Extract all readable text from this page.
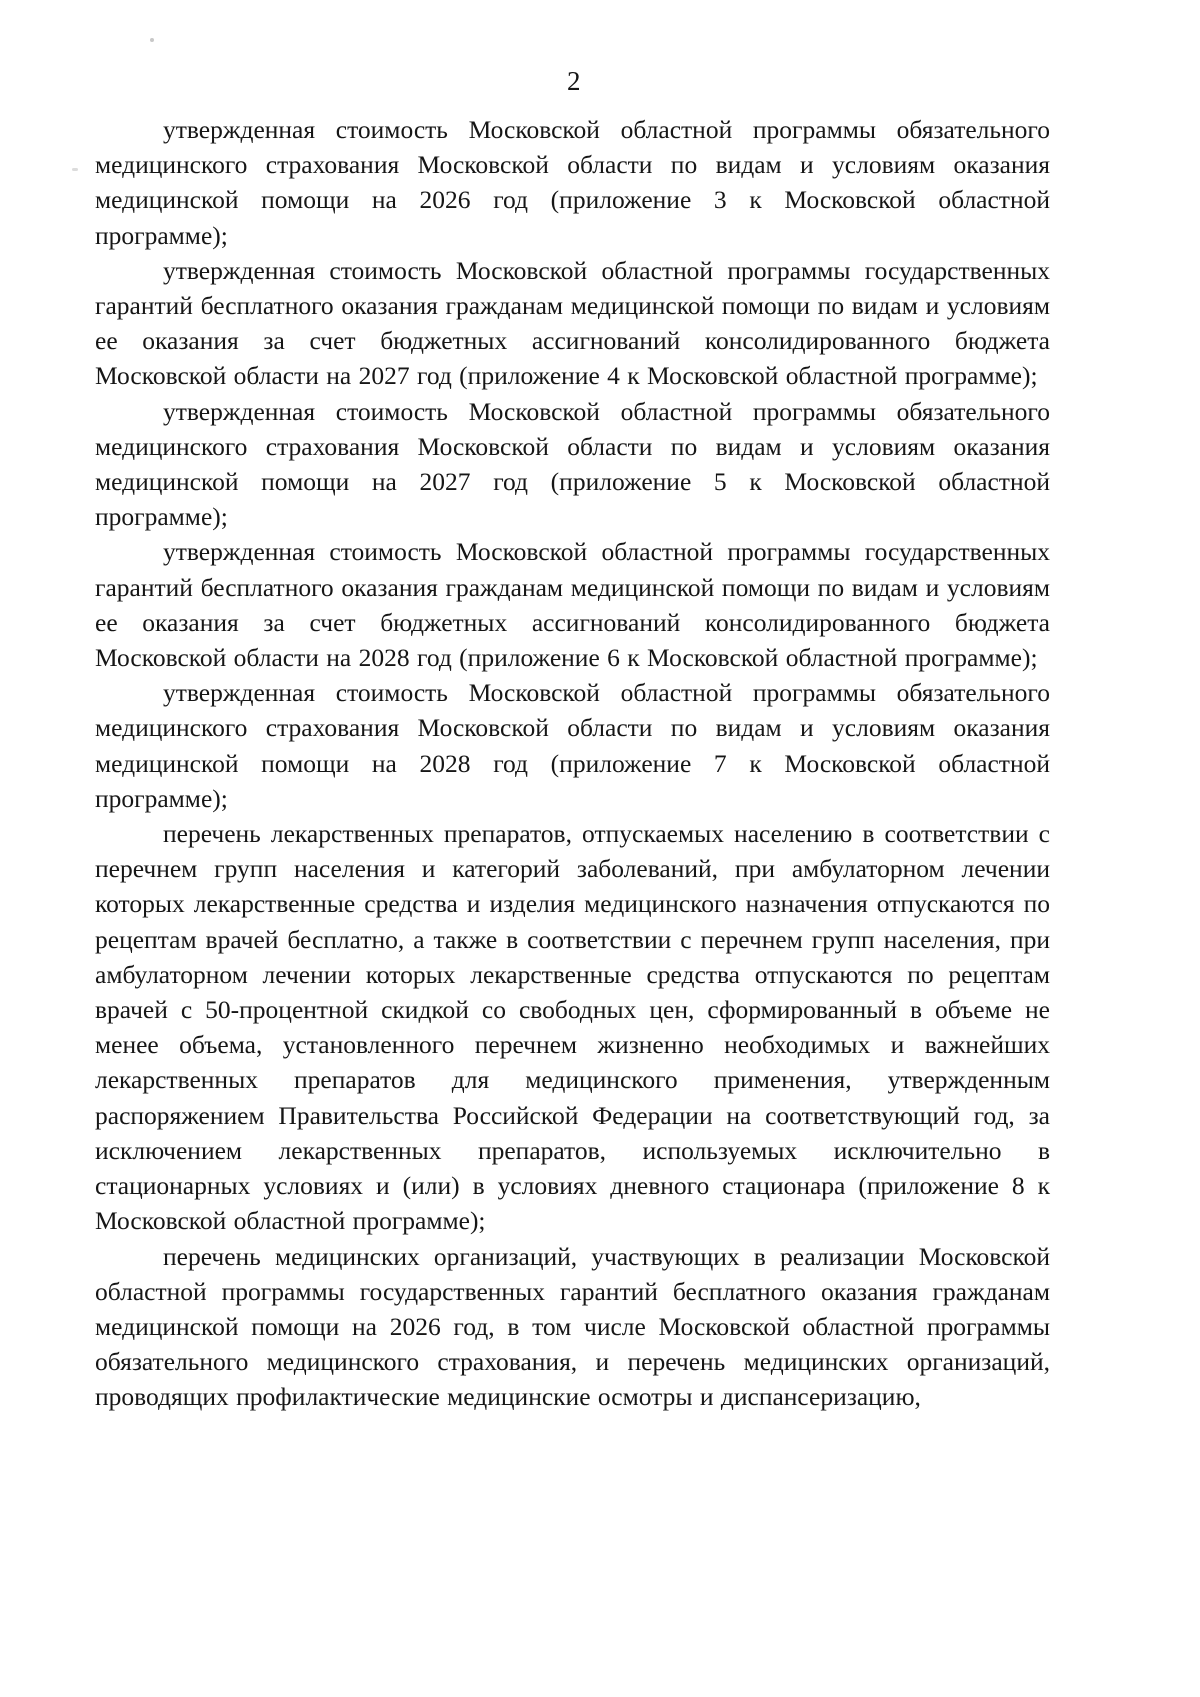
2

утвержденная стоимость Московской областной программы обязательного медицинского страхования Московской области по видам и условиям оказания медицинской помощи на 2026 год (приложение 3 к Московской областной программе);

утвержденная стоимость Московской областной программы государственных гарантий бесплатного оказания гражданам медицинской помощи по видам и условиям ее оказания за счет бюджетных ассигнований консолидированного бюджета Московской области на 2027 год (приложение 4 к Московской областной программе);

утвержденная стоимость Московской областной программы обязательного медицинского страхования Московской области по видам и условиям оказания медицинской помощи на 2027 год (приложение 5 к Московской областной программе);

утвержденная стоимость Московской областной программы государственных гарантий бесплатного оказания гражданам медицинской помощи по видам и условиям ее оказания за счет бюджетных ассигнований консолидированного бюджета Московской области на 2028 год (приложение 6 к Московской областной программе);

утвержденная стоимость Московской областной программы обязательного медицинского страхования Московской области по видам и условиям оказания медицинской помощи на 2028 год (приложение 7 к Московской областной программе);

перечень лекарственных препаратов, отпускаемых населению в соответствии с перечнем групп населения и категорий заболеваний, при амбулаторном лечении которых лекарственные средства и изделия медицинского назначения отпускаются по рецептам врачей бесплатно, а также в соответствии с перечнем групп населения, при амбулаторном лечении которых лекарственные средства отпускаются по рецептам врачей с 50-процентной скидкой со свободных цен, сформированный в объеме не менее объема, установленного перечнем жизненно необходимых и важнейших лекарственных препаратов для медицинского применения, утвержденным распоряжением Правительства Российской Федерации на соответствующий год, за исключением лекарственных препаратов, используемых исключительно в стационарных условиях и (или) в условиях дневного стационара (приложение 8 к Московской областной программе);

перечень медицинских организаций, участвующих в реализации Московской областной программы государственных гарантий бесплатного оказания гражданам медицинской помощи на 2026 год, в том числе Московской областной программы обязательного медицинского страхования, и перечень медицинских организаций, проводящих профилактические медицинские осмотры и диспансеризацию,
